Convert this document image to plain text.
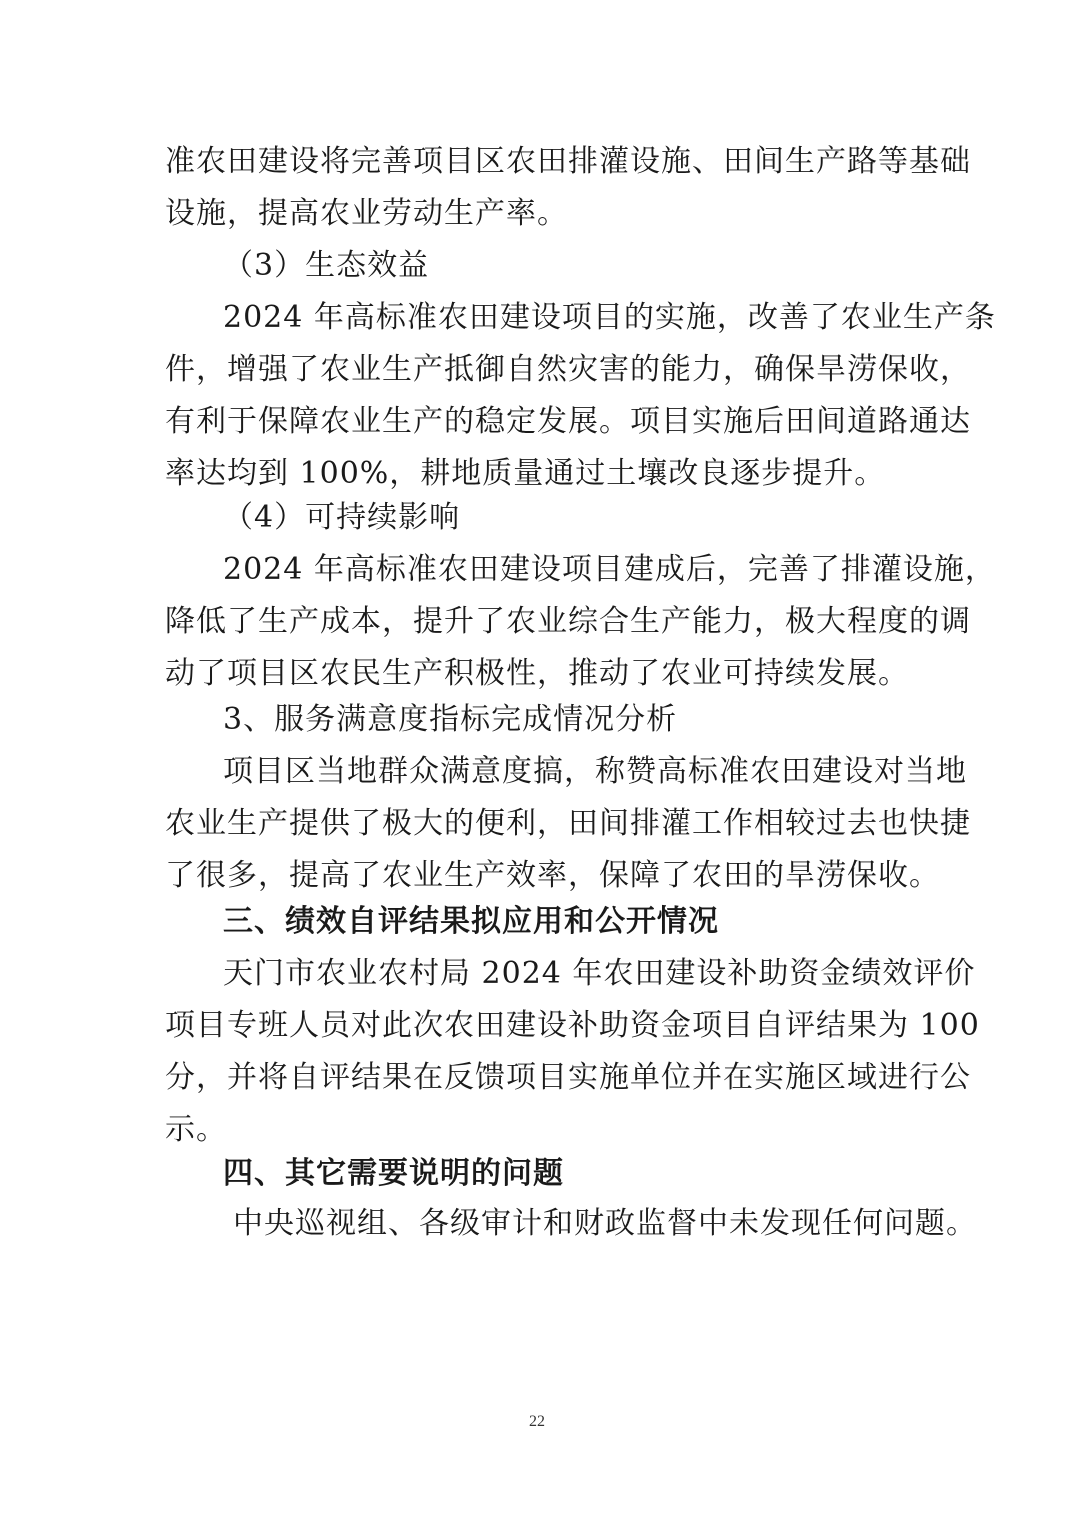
准农田建设将完善项目区农田排灌设施、田间生产路等基础
设施，提高农业劳动生产率。
（3）生态效益
2024 年高标准农田建设项目的实施，改善了农业生产条
件，增强了农业生产抵御自然灾害的能力，确保旱涝保收，
有利于保障农业生产的稳定发展。项目实施后田间道路通达
率达均到 100%，耕地质量通过土壤改良逐步提升。
（4）可持续影响
2024 年高标准农田建设项目建成后，完善了排灌设施，
降低了生产成本，提升了农业综合生产能力，极大程度的调
动了项目区农民生产积极性，推动了农业可持续发展。
3、服务满意度指标完成情况分析
项目区当地群众满意度搞，称赞高标准农田建设对当地
农业生产提供了极大的便利，田间排灌工作相较过去也快捷
了很多，提高了农业生产效率，保障了农田的旱涝保收。
三、绩效自评结果拟应用和公开情况
天门市农业农村局 2024 年农田建设补助资金绩效评价
项目专班人员对此次农田建设补助资金项目自评结果为 100
分，并将自评结果在反馈项目实施单位并在实施区域进行公
示。
四、其它需要说明的问题
中央巡视组、各级审计和财政监督中未发现任何问题。
22
